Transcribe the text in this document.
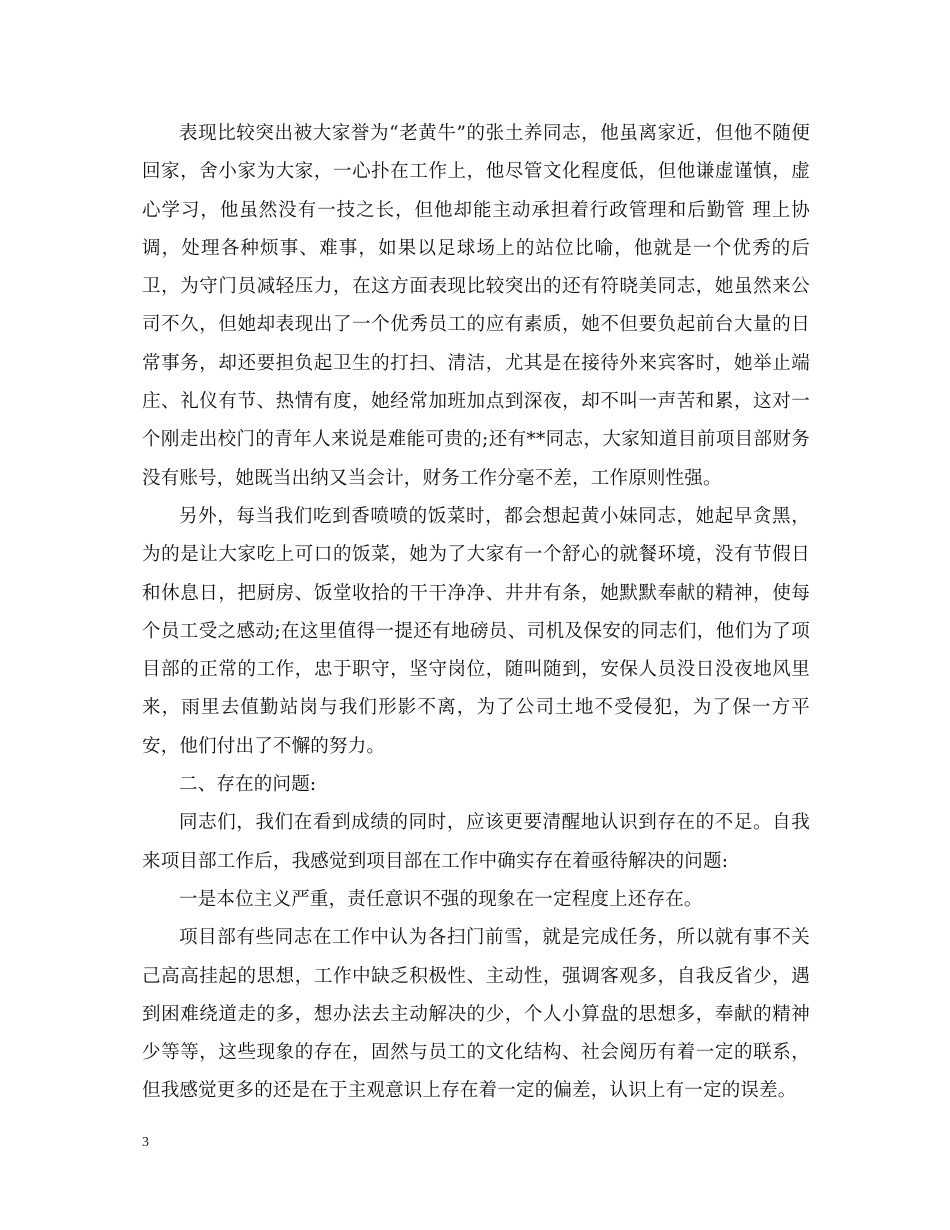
表现比较突出被大家誉为“老黄牛”的张土养同志，他虽离家近，但他不随便回家，舍小家为大家，一心扑在工作上，他尽管文化程度低，但他谦虚谨慎，虚心学习，他虽然没有一技之长，但他却能主动承担着行政管理和后勤管 理上协调，处理各种烦事、难事，如果以足球场上的站位比喻，他就是一个优秀的后卫，为守门员减轻压力，在这方面表现比较突出的还有符晓美同志，她虽然来公司不久，但她却表现出了一个优秀员工的应有素质，她不但要负起前台大量的日常事务，却还要担负起卫生的打扫、清洁，尤其是在接待外来宾客时，她举止端庄、礼仪有节、热情有度，她经常加班加点到深夜，却不叫一声苦和累，这对一个刚走出校门的青年人来说是难能可贵的;还有**同志，大家知道目前项目部财务没有账号，她既当出纳又当会计，财务工作分毫不差，工作原则性强。

另外，每当我们吃到香喷喷的饭菜时，都会想起黄小妹同志，她起早贪黑，为的是让大家吃上可口的饭菜，她为了大家有一个舒心的就餐环境，没有节假日和休息日，把厨房、饭堂收拾的干干净净、井井有条，她默默奉献的精神，使每个员工受之感动;在这里值得一提还有地磅员、司机及保安的同志们，他们为了项目部的正常的工作，忠于职守，坚守岗位，随叫随到，安保人员没日没夜地风里来，雨里去值勤站岗与我们形影不离，为了公司土地不受侵犯，为了保一方平安，他们付出了不懈的努力。

二、存在的问题:

同志们，我们在看到成绩的同时，应该更要清醒地认识到存在的不足。自我来项目部工作后，我感觉到项目部在工作中确实存在着亟待解决的问题:

一是本位主义严重，责任意识不强的现象在一定程度上还存在。

项目部有些同志在工作中认为各扫门前雪，就是完成任务，所以就有事不关己高高挂起的思想，工作中缺乏积极性、主动性，强调客观多，自我反省少，遇到困难绕道走的多，想办法去主动解决的少，个人小算盘的思想多，奉献的精神少等等，这些现象的存在，固然与员工的文化结构、社会阅历有着一定的联系，但我感觉更多的还是在于主观意识上存在着一定的偏差，认识上有一定的误差。

3
